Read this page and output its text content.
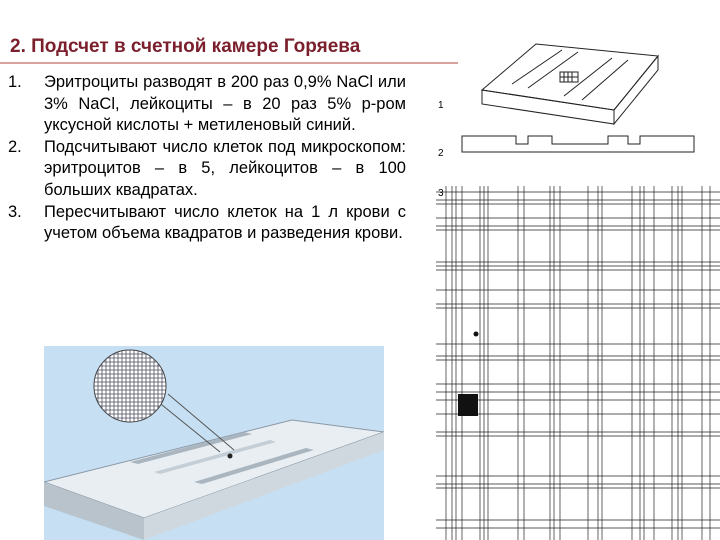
2. Подсчет в счетной камере Горяева
1. Эритроциты разводят в 200 раз 0,9% NaCl или 3% NaCl, лейкоциты – в 20 раз 5% р-ром уксусной кислоты + метиленовый синий.
2. Подсчитывают число клеток под микроскопом: эритроцитов – в 5, лейкоцитов – в 100 больших квадратах.
3. Пересчитывают число клеток на 1 л крови с учетом объема квадратов и разведения крови.
1
2
3
